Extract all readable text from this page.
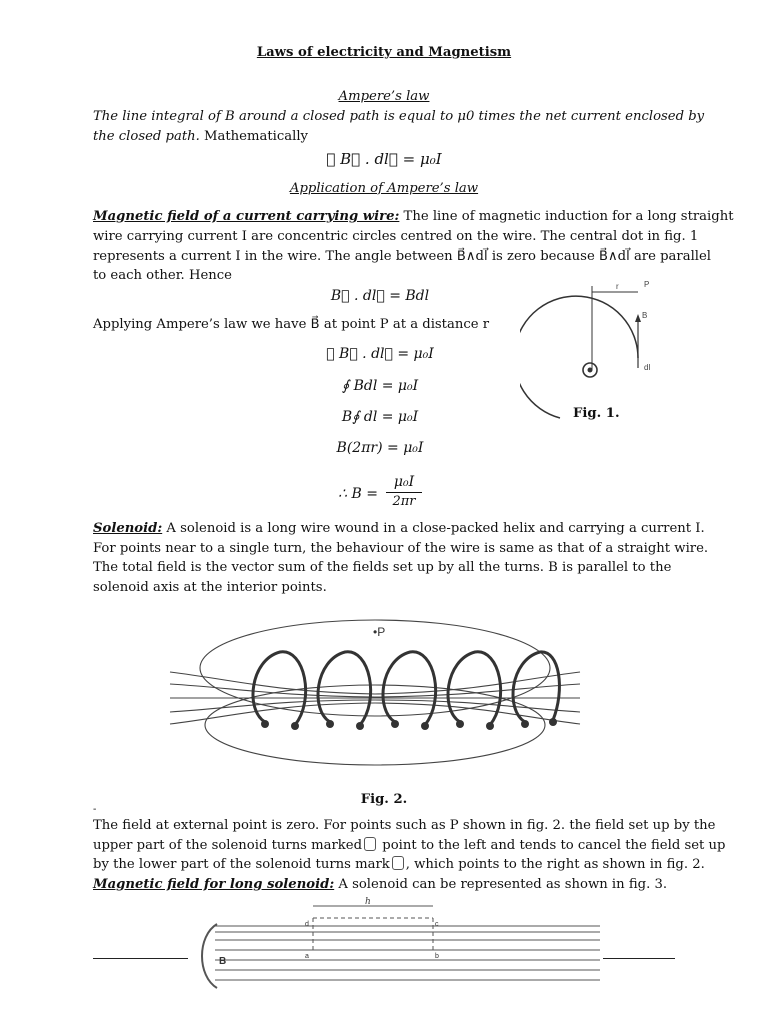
Laws of electricity and Magnetism
Ampere’s law
The line integral of B around a closed path is equal to μ0 times the net current enclosed by
the closed path. Mathematically
∮ B⃗ . dl⃗ = μ₀I
Application of Ampere’s law
Magnetic field of a current carrying wire: The line of magnetic induction for a long straight
wire carrying current I are concentric circles centred on the wire. The central dot in fig. 1
represents a current I in the wire. The angle between B⃗∧dl⃗ is zero because B⃗∧dl⃗ are parallel
to each other. Hence
B⃗ . dl⃗ = Bdl
Applying Ampere’s law we have B⃗ at point P at a distance r
∮ B⃗ . dl⃗ = μ₀I
∮ Bdl = μ₀I
B∮ dl = μ₀I
B(2πr) = μ₀I
∴ B =
μ₀I
2πr
P
r
B
dl
Fig. 1.
Solenoid: A solenoid is a long wire wound in a close-packed helix and carrying a current I.
For points near to a single turn, the behaviour of the wire is same as that of a straight wire.
The total field is the vector sum of the fields set up by all the turns. B is parallel to the
solenoid axis at the interior points.
•P
Fig. 2.
-
The field at external point is zero. For points such as P shown in fig. 2. the field set up by the
upper part of the solenoid turns marked point to the left and tends to cancel the field set up
by the lower part of the solenoid turns mark , which points to the right as shown in fig. 2.
Magnetic field for long solenoid: A solenoid can be represented as shown in fig. 3.
h
B	a	b
c
d
